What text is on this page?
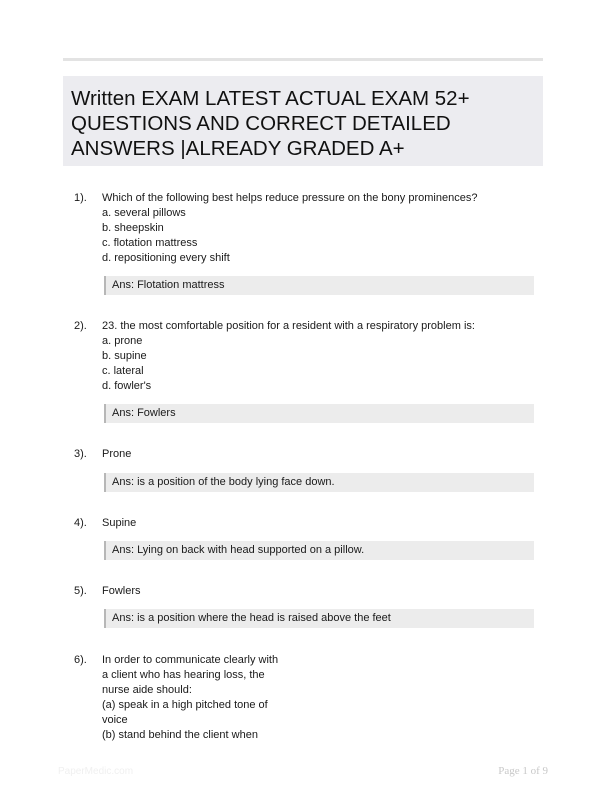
Written EXAM LATEST ACTUAL EXAM 52+ QUESTIONS AND CORRECT DETAILED ANSWERS |ALREADY GRADED A+
1). Which of the following best helps reduce pressure on the bony prominences?
a. several pillows
b. sheepskin
c. flotation mattress
d. repositioning every shift
Ans: Flotation mattress
2). 23. the most comfortable position for a resident with a respiratory problem is:
a. prone
b. supine
c. lateral
d. fowler's
Ans: Fowlers
3). Prone
Ans: is a position of the body lying face down.
4). Supine
Ans: Lying on back with head supported on a pillow.
5). Fowlers
Ans: is a position where the head is raised above the feet
6). In order to communicate clearly with
a client who has hearing loss, the
nurse aide should:
(a) speak in a high pitched tone of
voice
(b) stand behind the client when
PaperMedic.com	Page 1 of 9
